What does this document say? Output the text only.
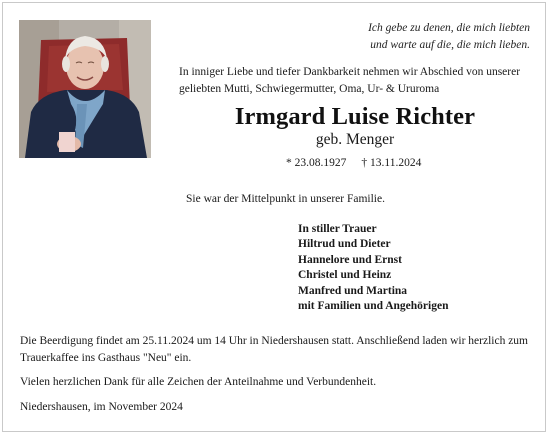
Ich gebe zu denen, die mich liebten
und warte auf die, die mich lieben.
In inniger Liebe und tiefer Dankbarkeit nehmen wir Abschied von unserer geliebten Mutti, Schwiegermutter, Oma, Ur- & Ururoma
Irmgard Luise Richter
geb. Menger
* 23.08.1927 † 13.11.2024
Sie war der Mittelpunkt in unserer Familie.
In stiller Trauer
Hiltrud und Dieter
Hannelore und Ernst
Christel und Heinz
Manfred und Martina
mit Familien und Angehörigen
Die Beerdigung findet am 25.11.2024 um 14 Uhr in Niedershausen statt. Anschließend laden wir herzlich zum Trauerkaffee ins Gasthaus "Neu" ein.
Vielen herzlichen Dank für alle Zeichen der Anteilnahme und Verbundenheit.
Niedershausen, im November 2024
